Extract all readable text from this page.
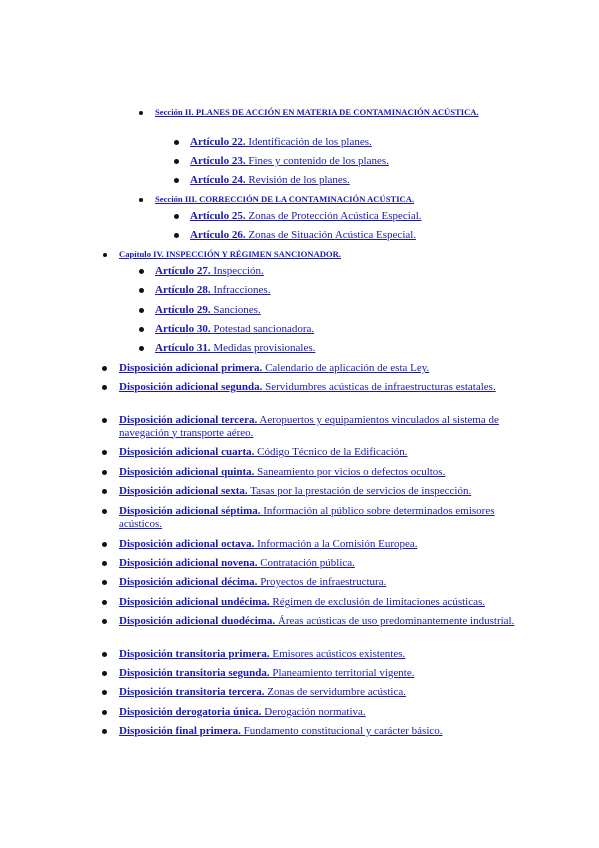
Sección II. PLANES DE ACCIÓN EN MATERIA DE CONTAMINACIÓN ACÚSTICA.
Artículo 22. Identificación de los planes.
Artículo 23. Fines y contenido de los planes.
Artículo 24. Revisión de los planes.
Sección III. CORRECCIÓN DE LA CONTAMINACIÓN ACÚSTICA.
Artículo 25. Zonas de Protección Acústica Especial.
Artículo 26. Zonas de Situación Acústica Especial.
Capítulo IV. INSPECCIÓN Y RÉGIMEN SANCIONADOR.
Artículo 27. Inspección.
Artículo 28. Infracciones.
Artículo 29. Sanciones.
Artículo 30. Potestad sancionadora.
Artículo 31. Medidas provisionales.
Disposición adicional primera. Calendario de aplicación de esta Ley.
Disposición adicional segunda. Servidumbres acústicas de infraestructuras estatales.
Disposición adicional tercera. Aeropuertos y equipamientos vinculados al sistema de navegación y transporte aéreo.
Disposición adicional cuarta. Código Técnico de la Edificación.
Disposición adicional quinta. Saneamiento por vicios o defectos ocultos.
Disposición adicional sexta. Tasas por la prestación de servicios de inspección.
Disposición adicional séptima. Información al público sobre determinados emisores acústicos.
Disposición adicional octava. Información a la Comisión Europea.
Disposición adicional novena. Contratación pública.
Disposición adicional décima. Proyectos de infraestructura.
Disposición adicional undécima. Régimen de exclusión de limitaciones acústicas.
Disposición adicional duodécima. Áreas acústicas de uso predominantemente industrial.
Disposición transitoria primera. Emisores acústicos existentes.
Disposición transitoria segunda. Planeamiento territorial vigente.
Disposición transitoria tercera. Zonas de servidumbre acústica.
Disposición derogatoria única. Derogación normativa.
Disposición final primera. Fundamento constitucional y carácter básico.
